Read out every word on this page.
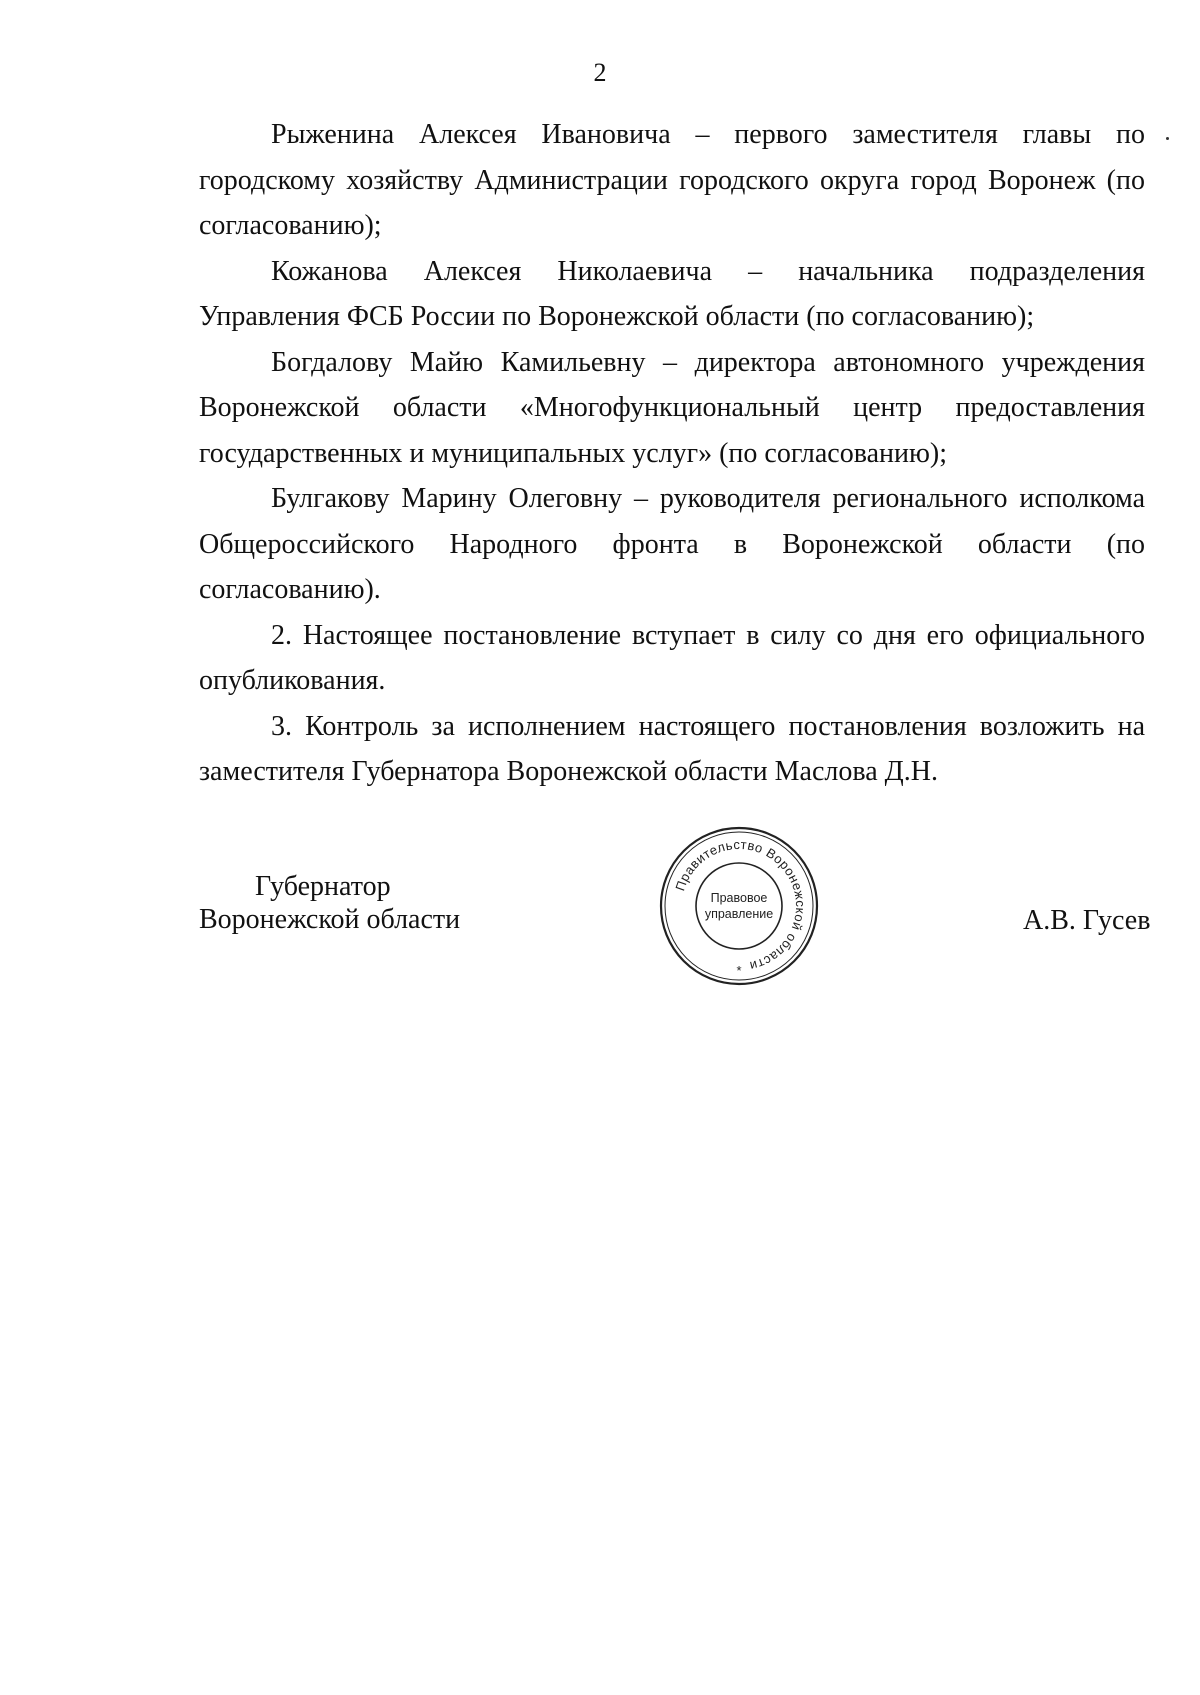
2

Рыженина Алексея Ивановича – первого заместителя главы по городскому хозяйству Администрации городского округа город Воронеж (по согласованию);

Кожанова Алексея Николаевича – начальника подразделения Управления ФСБ России по Воронежской области (по согласованию);

Богдалову Майю Камильевну – директора автономного учреждения Воронежской области «Многофункциональный центр предоставления государственных и муниципальных услуг» (по согласованию);

Булгакову Марину Олеговну – руководителя регионального исполкома Общероссийского Народного фронта в Воронежской области (по согласованию).

2. Настоящее постановление вступает в силу со дня его официального опубликования.

3. Контроль за исполнением настоящего постановления возложить на заместителя Губернатора Воронежской области Маслова Д.Н.

Губернатор
Воронежской области
Правительство Воронежской области
Правовое
управление
*
А.В. Гусев
